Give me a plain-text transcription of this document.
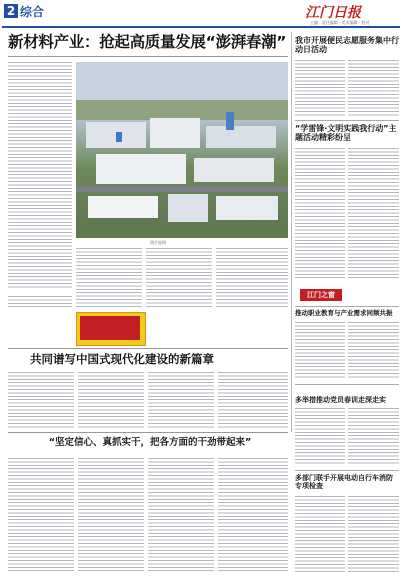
2 综合	江门日报
主编 · 责任编辑 · 美术编辑 · 校对
新材料产业：抢起高质量发展“澎湃春潮”
图片说明
我市开展便民志愿服务集中行动日活动
“学雷锋·文明实践我行动”主题活动精彩纷呈
江门之窗
共同谱写中国式现代化建设的新篇章
推动职业教育与产业需求同频共振
多举措推动党员春训走深走实
多部门联手开展电动自行车消防专项检查
“坚定信心、真抓实干，把各方面的干劲带起来”
